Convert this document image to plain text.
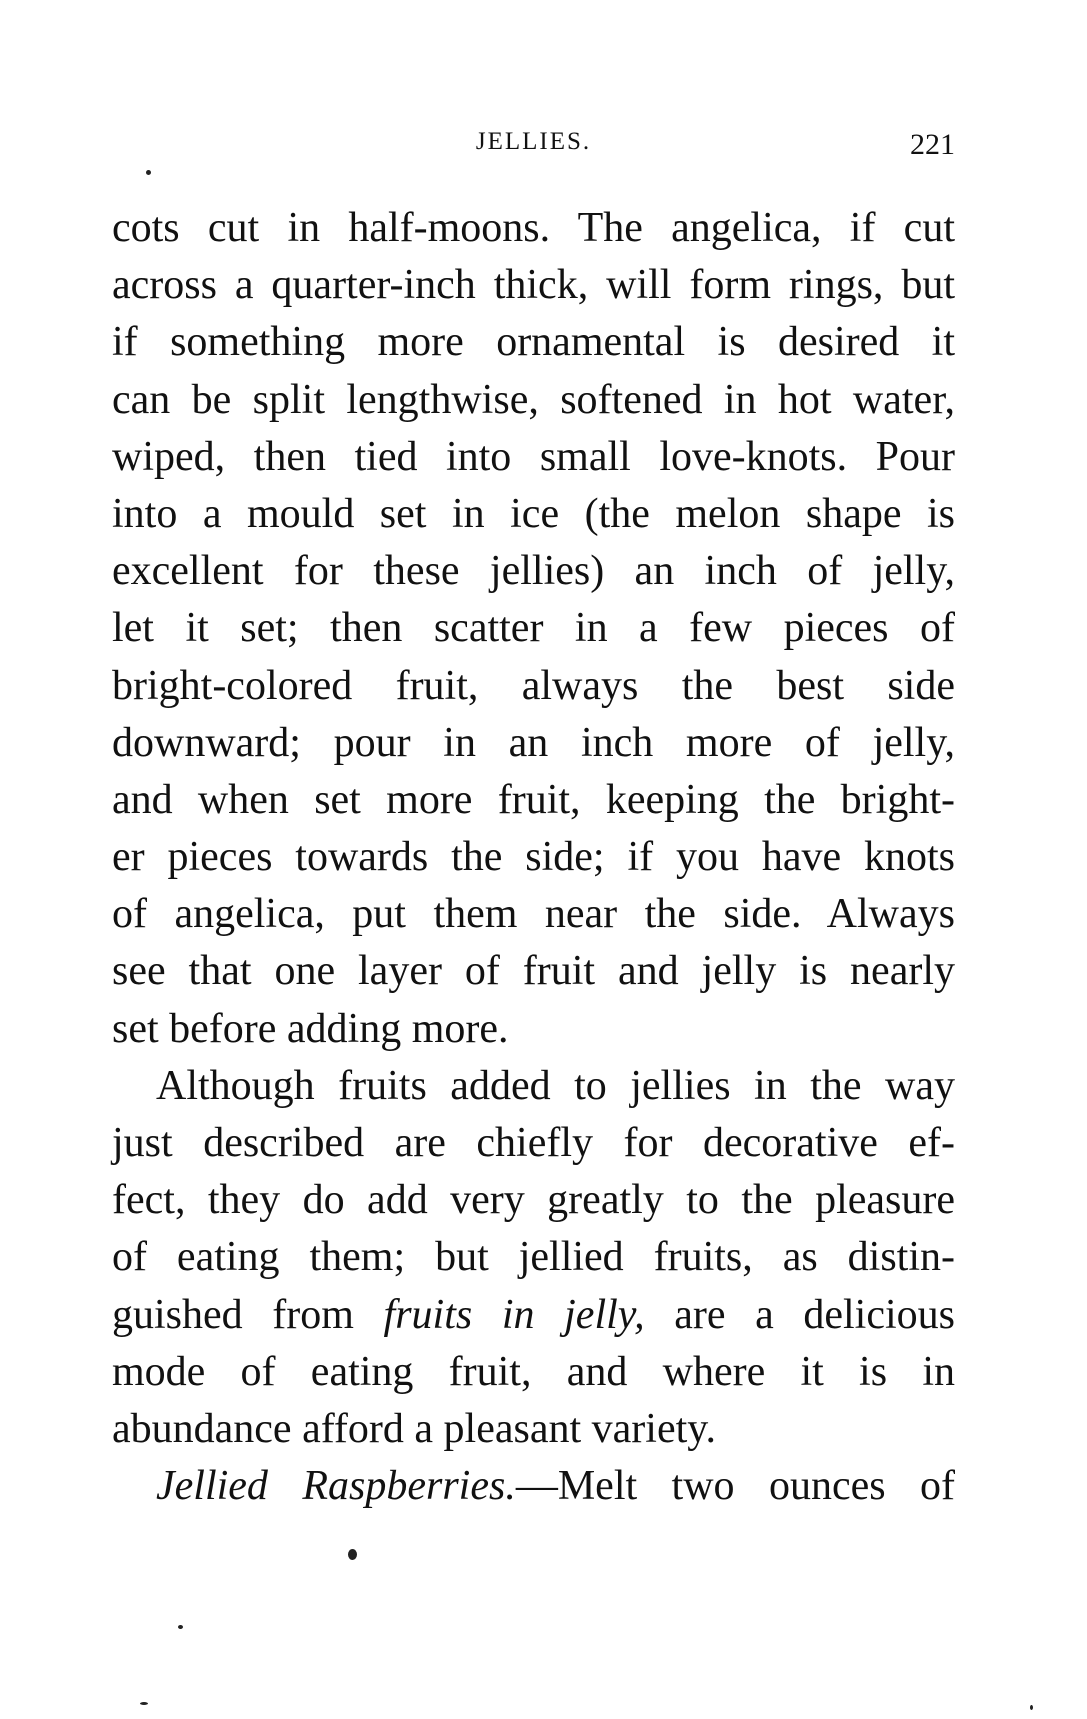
JELLIES.	221
cots cut in half-moons. The angelica, if cut
across a quarter-inch thick, will form rings, but
if something more ornamental is desired it
can be split lengthwise, softened in hot water,
wiped, then tied into small love-knots. Pour
into a mould set in ice (the melon shape is
excellent for these jellies) an inch of jelly,
let it set; then scatter in a few pieces of
bright-colored fruit, always the best side
downward; pour in an inch more of jelly,
and when set more fruit, keeping the bright-
er pieces towards the side; if you have knots
of angelica, put them near the side. Always
see that one layer of fruit and jelly is nearly
set before adding more.
Although fruits added to jellies in the way
just described are chiefly for decorative ef-
fect, they do add very greatly to the pleasure
of eating them; but jellied fruits, as distin-
guished from fruits in jelly, are a delicious
mode of eating fruit, and where it is in
abundance afford a pleasant variety.
Jellied Raspberries.—Melt two ounces of
